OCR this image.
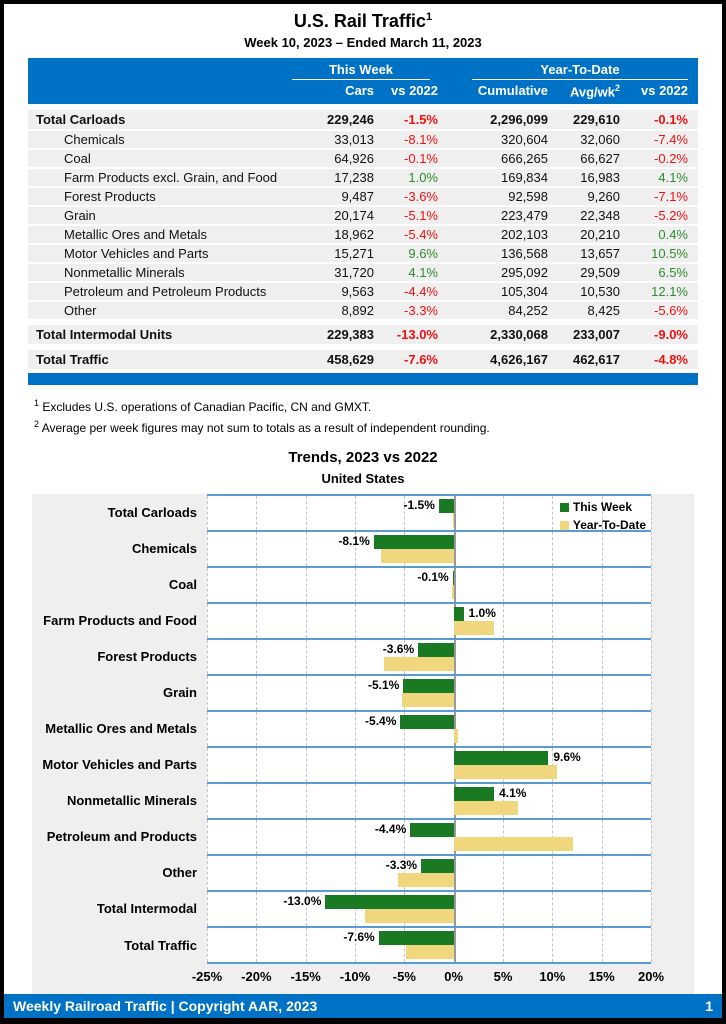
U.S. Rail Traffic$^1$
Week 10, 2023 – Ended March 11, 2023
This Week	Year-To-Date
Cars	vs 2022	Cumulative	Avg/$wk^2$	vs 2022
Total Carloads	229,246	-1.5%	2,296,099	229,610	-0.1%
Chemicals	33,013	-8.1%	320,604	32,060	-7.4%
Coal	64,926	-0.1%	666,265	66,627	-0.2%
Farm Products excl. Grain, and Food	17,238	1.0%	169,834	16,983	4.1%
Forest Products	9,487	-3.6%	92,598	9,260	-7.1%
Grain	20,174	-5.1%	223,479	22,348	-5.2%
Metallic Ores and Metals	18,962	-5.4%	202,103	20,210	0.4%
Motor Vehicles and Parts	15,271	9.6%	136,568	13,657	10.5%
Nonmetallic Minerals	31,720	4.1%	295,092	29,509	6.5%
Petroleum and Petroleum Products	9,563	-4.4%	105,304	10,530	12.1%
Other	8,892	-3.3%	84,252	8,425	-5.6%
Total Intermodal Units	229,383	-13.0%	2,330,068	233,007	-9.0%
Total Traffic	458,629	-7.6%	4,626,167	462,617	-4.8%
$^1$ Excludes U.S. operations of Canadian Pacific, CN and GMXT.
$^2$ Average per week figures may not sum to totals as a result of independent rounding.
Trends, 2023 vs 2022
United States
Total Carloads	-1.5%
Chemicals	-8.1%
Coal	-0.1%
Farm Products and Food	1.0%
Forest Products	-3.6%
Grain	-5.1%
Metallic Ores and Metals	-5.4%
Motor Vehicles and Parts	9.6%
Nonmetallic Minerals	4.1%
Petroleum and Products	-4.4%
Other	-3.3%
Total Intermodal	-13.0%
Total Traffic
-7.6%
-25% -20% -15% -10% -5% 0% 5% 10% 15% 20%
This Week
Year-To-Date
Weekly Railroad Traffic | Copyright AAR, 2023	1
